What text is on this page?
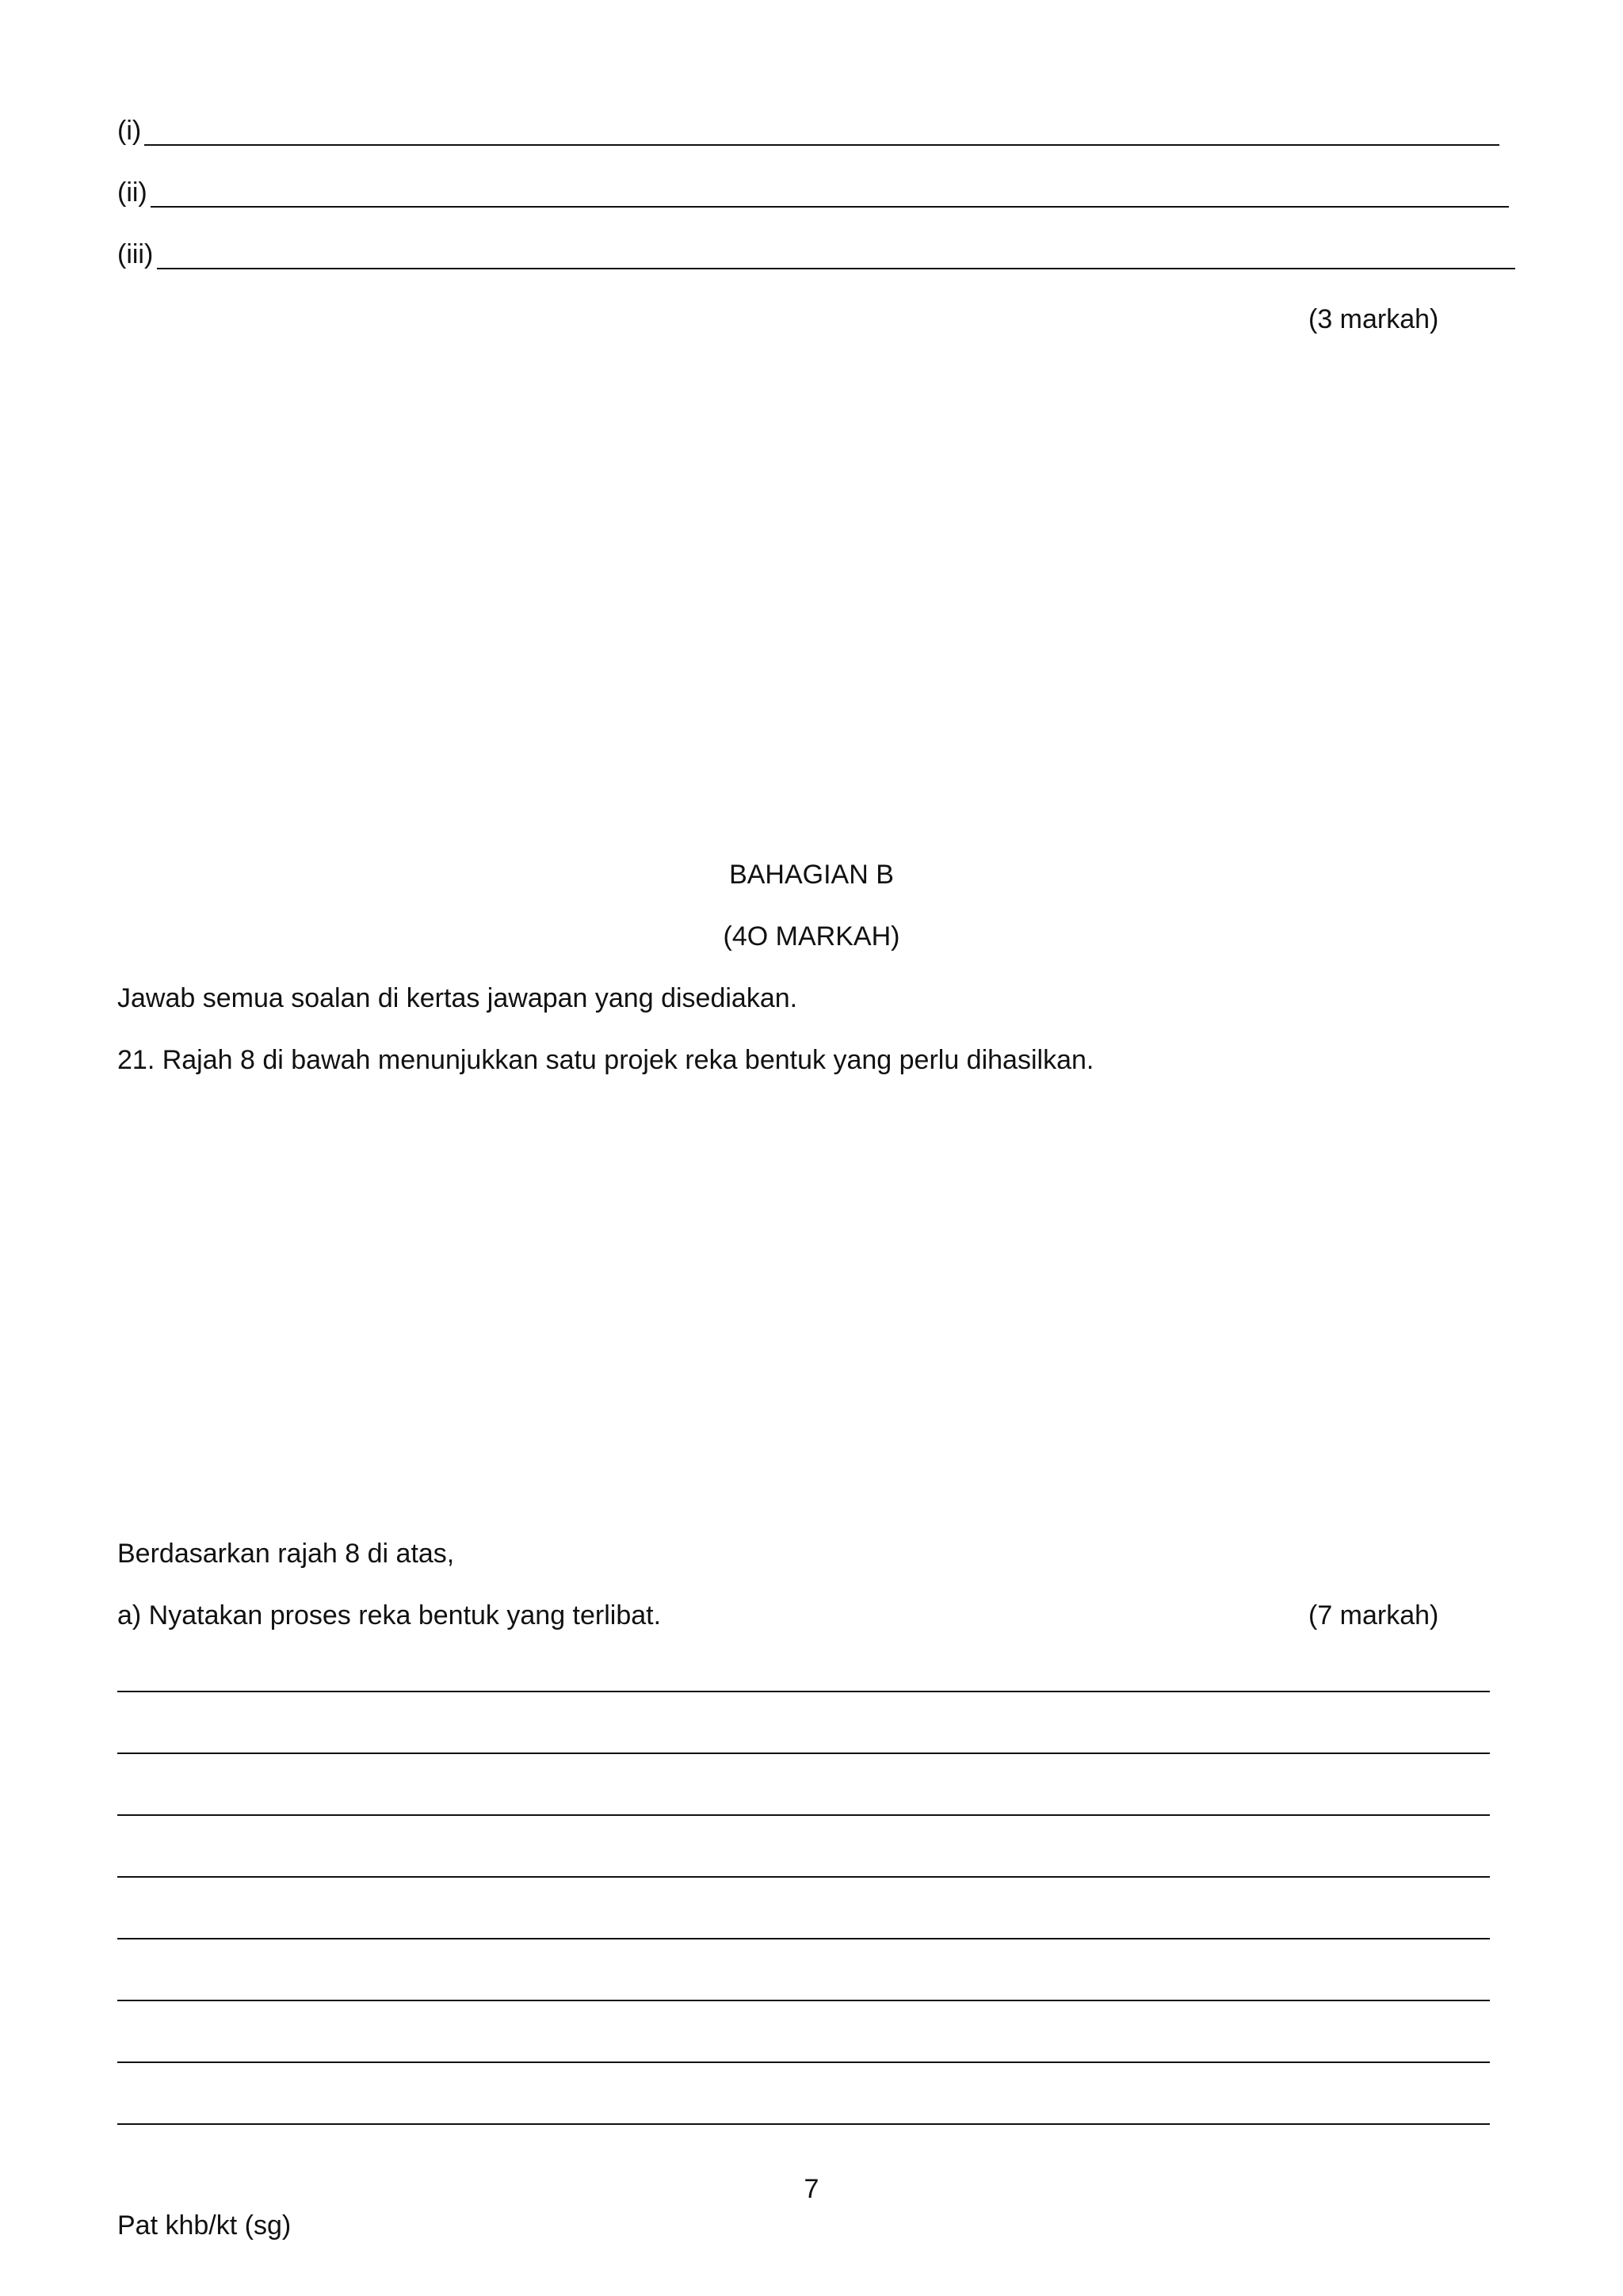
(i)
(ii)
(iii)
(3 markah)
BAHAGIAN B
(4O MARKAH)
Jawab semua soalan di kertas jawapan yang disediakan.
21. Rajah 8 di bawah menunjukkan satu projek reka bentuk yang perlu dihasilkan.
Berdasarkan rajah 8 di atas,
a) Nyatakan proses reka bentuk yang terlibat.	(7 markah)
7
Pat khb/kt (sg)
